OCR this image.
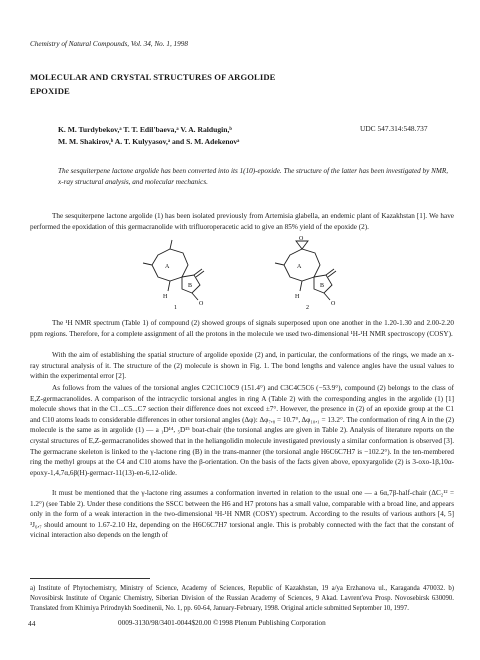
Chemistry of Natural Compounds, Vol. 34, No. 1, 1998
MOLECULAR AND CRYSTAL STRUCTURES OF ARGOLIDE
EPOXIDE
K. M. Turdybekov,ᵃ T. T. Edil'baeva,ᵃ V. A. Raldugin,ᵇ
M. M. Shakirov,ᵇ A. T. Kulyyasov,ᵃ and S. M. Adekenovᵃ
UDC 547.314:548.737
The sesquiterpene lactone argolide has been converted into its 1(10)-epoxide. The structure of the latter has been investigated by NMR, x-ray structural analysis, and molecular mechanics.
The sesquiterpene lactone argolide (1) has been isolated previously from Artemisia glabella, an endemic plant of Kazakhstan [1]. We have performed the epoxidation of this germacranolide with trifluoroperacetic acid to give an 85% yield of the epoxide (2).
A
B
O
H
1
O
A
B
O
H
2
The ¹H NMR spectrum (Table 1) of compound (2) showed groups of signals superposed upon one another in the 1.20-1.30 and 2.00-2.20 ppm regions. Therefore, for a complete assignment of all the protons in the molecule we used two-dimensional ¹H-¹H NMR spectroscopy (COSY).
With the aim of establishing the spatial structure of argolide epoxide (2) and, in particular, the conformations of the rings, we made an x-ray structural analysis of it. The structure of the (2) molecule is shown in Fig. 1. The bond lengths and valence angles have the usual values to within the experimental error [2].
As follows from the values of the torsional angles C2C1C10C9 (151.4°) and C3C4C5C6 (−53.9°), compound (2) belongs to the class of E,Z-germacranolides. A comparison of the intracyclic torsional angles in ring A (Table 2) with the corresponding angles in the argolide (1) [1] molecule shows that in the C1...C5...C7 section their difference does not exceed ±7°. However, the presence in (2) of an epoxide group at the C1 and C10 atoms leads to considerable differences in other torsional angles (Δφ): Δφ₇,₈ = 10.7°, Δφ₁₀,₁ = 13.2°. The conformation of ring A in the (2) molecule is the same as in argolide (1) — a ₁D¹⁴, ₅D¹⁵ boat-chair (the torsional angles are given in Table 2). Analysis of literature reports on the crystal structures of E,Z-germacranolides showed that in the heliangolidin molecule investigated previously a similar conformation is observed [3]. The germacrane skeleton is linked to the γ-lactone ring (B) in the trans-manner (the torsional angle H6C6C7H7 is −102.2°). In the ten-membered ring the methyl groups at the C4 and C10 atoms have the β-orientation. On the basis of the facts given above, epoxyargolide (2) is 3-oxo-1β,10α-epoxy-1,4,7α,6β(H)-germacr-11(13)-en-6,12-olide.
It must be mentioned that the γ-lactone ring assumes a conformation inverted in relation to the usual one — a 6α,7β-half-chair (ΔC₂¹² = 1.2°) (see Table 2). Under these conditions the SSCC between the H6 and H7 protons has a small value, comparable with a broad line, and appears only in the form of a weak interaction in the two-dimensional ¹H-¹H NMR (COSY) spectrum. According to the results of various authors [4, 5] ³J₆,₇ should amount to 1.67-2.10 Hz, depending on the H6C6C7H7 torsional angle. This is probably connected with the fact that the constant of vicinal interaction also depends on the length of

a) Institute of Phytochemistry, Ministry of Science, Academy of Sciences, Republic of Kazakhstan, 19 a/ya Erzhanova ul., Karaganda 470032. b) Novosibirsk Institute of Organic Chemistry, Siberian Division of the Russian Academy of Sciences, 9 Akad. Lavrent'eva Prosp. Novosebirsk 630090. Translated from Khimiya Prirodnykh Soedinenii, No. 1, pp. 60-64, January-February, 1998. Original article submitted September 10, 1997.

44	0009-3130/98/3401-0044$20.00 ©1998 Plenum Publishing Corporation
